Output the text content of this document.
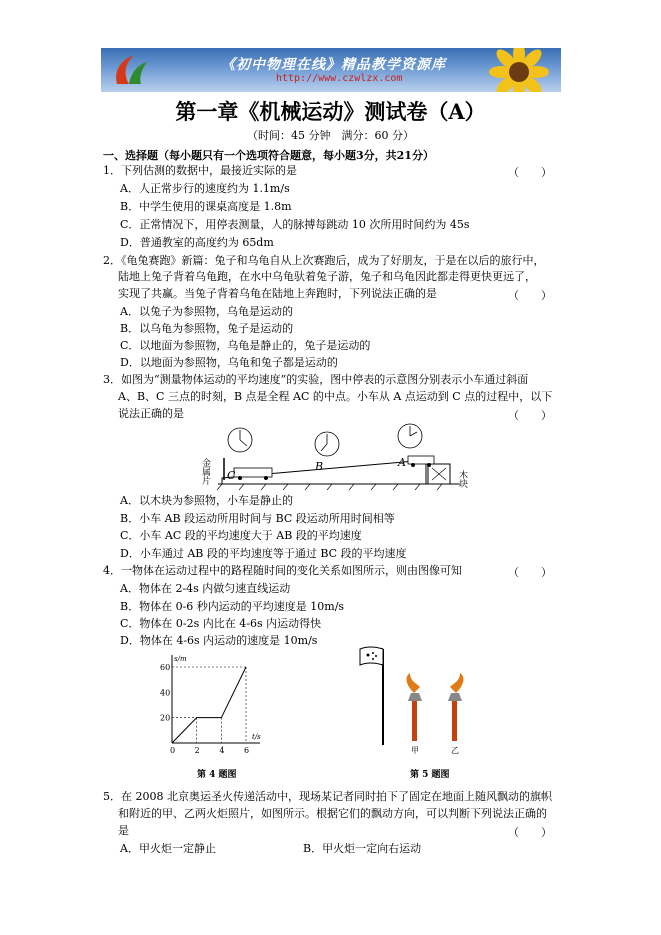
《初中物理在线》精品教学资源库
http://www.czwlzx.com
第一章《机械运动》测试卷（A）
（时间：45 分钟　满分：60 分）
一、选择题（每小题只有一个选项符合题意，每小题3分，共21分）
1．下列估测的数据中，最接近实际的是	（　　）
A．人正常步行的速度约为 1.1m/s
B．中学生使用的课桌高度是 1.8m
C．正常情况下，用停表测量，人的脉搏每跳动 10 次所用时间约为 45s
D．普通教室的高度约为 65dm
2．《龟兔赛跑》新篇：兔子和乌龟自从上次赛跑后，成为了好朋友，于是在以后的旅行中，
陆地上兔子背着乌龟跑，在水中乌龟驮着兔子游，兔子和乌龟因此都走得更快更远了，
实现了共赢。当兔子背着乌龟在陆地上奔跑时，下列说法正确的是	（　　）
A．以兔子为参照物，乌龟是运动的
B．以乌龟为参照物，兔子是运动的
C．以地面为参照物，乌龟是静止的，兔子是运动的
D．以地面为参照物，乌龟和兔子都是运动的
3．如图为“测量物体运动的平均速度”的实验，图中停表的示意图分别表示小车通过斜面
A、B、C 三点的时刻，B 点是全程 AC 的中点。小车从 A 点运动到 C 点的过程中，以下
说法正确的是	（　　）
C
B	A
金属片	木块
A．以木块为参照物，小车是静止的
B．小车 AB 段运动所用时间与 BC 段运动所用时间相等
C．小车 AC 段的平均速度大于 AB 段的平均速度
D．小车通过 AB 段的平均速度等于通过 BC 段的平均速度
4．一物体在运动过程中的路程随时间的变化关系如图所示，则由图像可知	（　　）
A．物体在 2-4s 内做匀速直线运动
B．物体在 0-6 秒内运动的平均速度是 10m/s
C．物体在 0-2s 内比在 4-6s 内运动得快
D．物体在 4-6s 内运动的速度是 10m/s
0 2 4 6
20
40
60
s/m
t/s
第 4 题图
甲	乙
第 5 题图
5．在 2008 北京奥运圣火传递活动中，现场某记者同时拍下了固定在地面上随风飘动的旗帜
和附近的甲、乙两火炬照片，如图所示。根据它们的飘动方向，可以判断下列说法正确的
是	（　　）
A．甲火炬一定静止	B．甲火炬一定向右运动
